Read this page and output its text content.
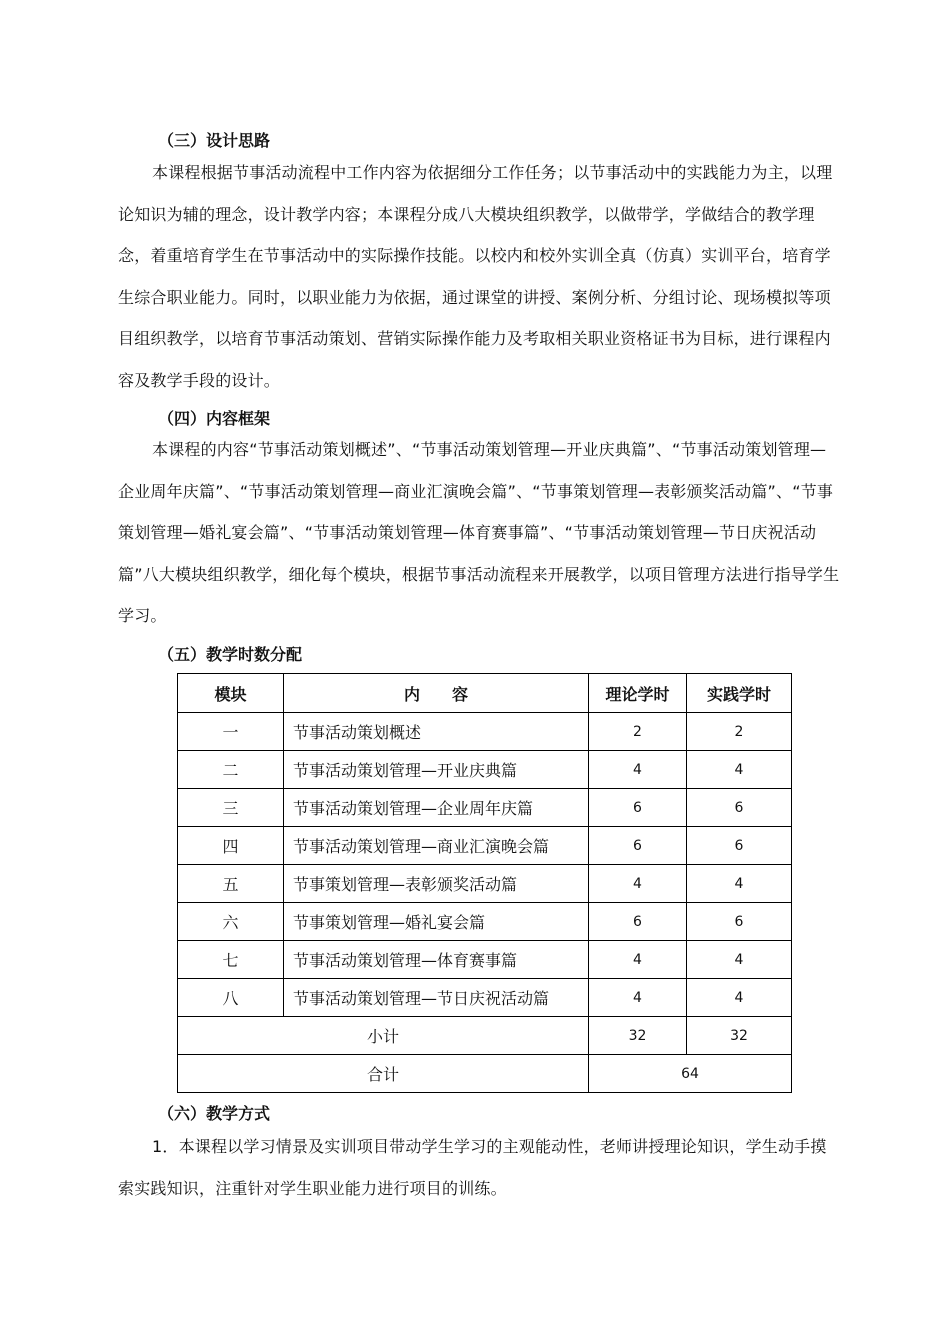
（三）设计思路

本课程根据节事活动流程中工作内容为依据细分工作任务；以节事活动中的实践能力为主，以理论知识为辅的理念，设计教学内容；本课程分成八大模块组织教学，以做带学，学做结合的教学理念，着重培育学生在节事活动中的实际操作技能。以校内和校外实训全真（仿真）实训平台，培育学生综合职业能力。同时，以职业能力为依据，通过课堂的讲授、案例分析、分组讨论、现场模拟等项目组织教学，以培育节事活动策划、营销实际操作能力及考取相关职业资格证书为目标，进行课程内容及教学手段的设计。

（四）内容框架

本课程的内容“节事活动策划概述”、“节事活动策划管理—开业庆典篇”、“节事活动策划管理—企业周年庆篇”、“节事活动策划管理—商业汇演晚会篇”、“节事策划管理—表彰颁奖活动篇”、“节事策划管理—婚礼宴会篇”、“节事活动策划管理—体育赛事篇”、“节事活动策划管理—节日庆祝活动篇”八大模块组织教学，细化每个模块，根据节事活动流程来开展教学，以项目管理方法进行指导学生学习。

（五）教学时数分配
模块	内　　容	理论学时	实践学时
一	节事活动策划概述	2	2
二	节事活动策划管理—开业庆典篇	4	4
三	节事活动策划管理—企业周年庆篇	6	6
四	节事活动策划管理—商业汇演晚会篇	6	6
五	节事策划管理—表彰颁奖活动篇	4	4
六	节事策划管理—婚礼宴会篇	6	6
七	节事活动策划管理—体育赛事篇	4	4
八	节事活动策划管理—节日庆祝活动篇	4	4
小计		32	32
合计		64	
（六）教学方式

1．本课程以学习情景及实训项目带动学生学习的主观能动性，老师讲授理论知识，学生动手摸索实践知识，注重针对学生职业能力进行项目的训练。
